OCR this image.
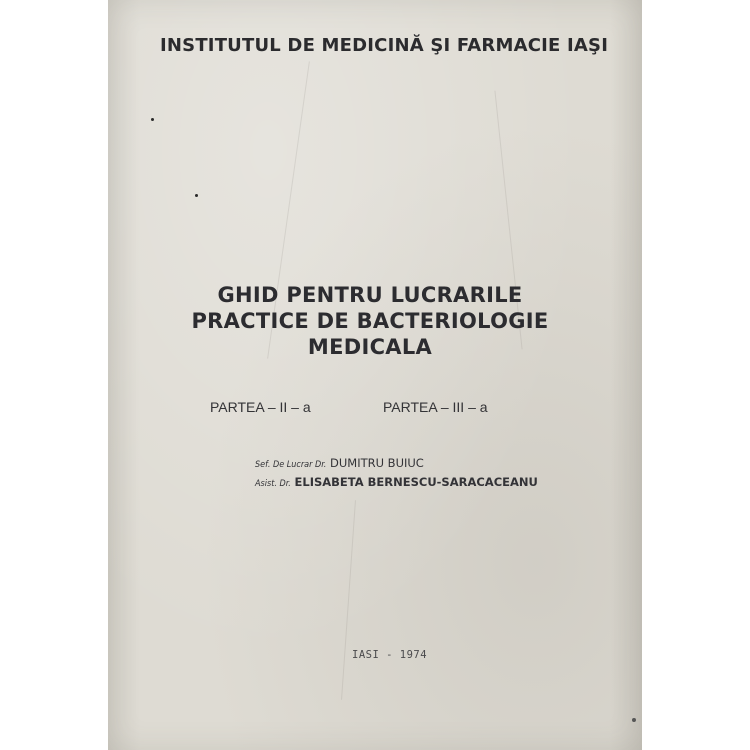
INSTITUTUL DE MEDICINĂ ŞI FARMACIE IAŞI
GHID PENTRU LUCRARILE
PRACTICE DE BACTERIOLOGIE
MEDICALA
PARTEA – II – a	PARTEA – III – a
Sef. De Lucrar Dr. DUMITRU BUIUC
Asist. Dr. ELISABETA BERNESCU-SARACACEANU
IASI - 1974
